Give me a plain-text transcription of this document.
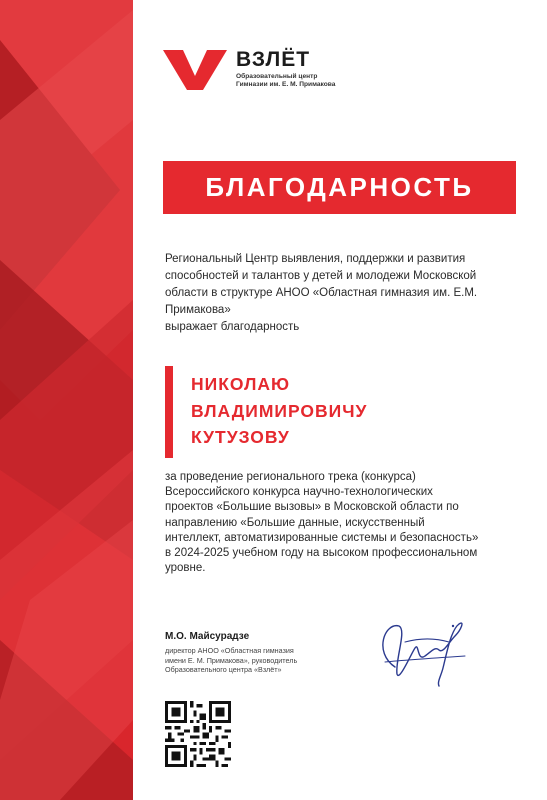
ВЗЛЁТ
Образовательный центр
Гимназии им. Е. М. Примакова
БЛАГОДАРНОСТЬ
Региональный Центр выявления, поддержки и развития
способностей и талантов у детей и молодежи Московской
области в структуре АНОО «Областная гимназия им. Е.М.
Примакова»
выражает благодарность
НИКОЛАЮ
ВЛАДИМИРОВИЧУ
КУТУЗОВУ
за проведение регионального трека (конкурса)
Всероссийского конкурса научно-технологических
проектов «Большие вызовы» в Московской области по
направлению «Большие данные, искусственный
интеллект, автоматизированные системы и безопасность»
в 2024-2025 учебном году на высоком профессиональном
уровне.
М.О. Майсурадзе
директор АНОО «Областная гимназия
имени Е. М. Примакова», руководитель
Образовательного центра «Взлёт»
